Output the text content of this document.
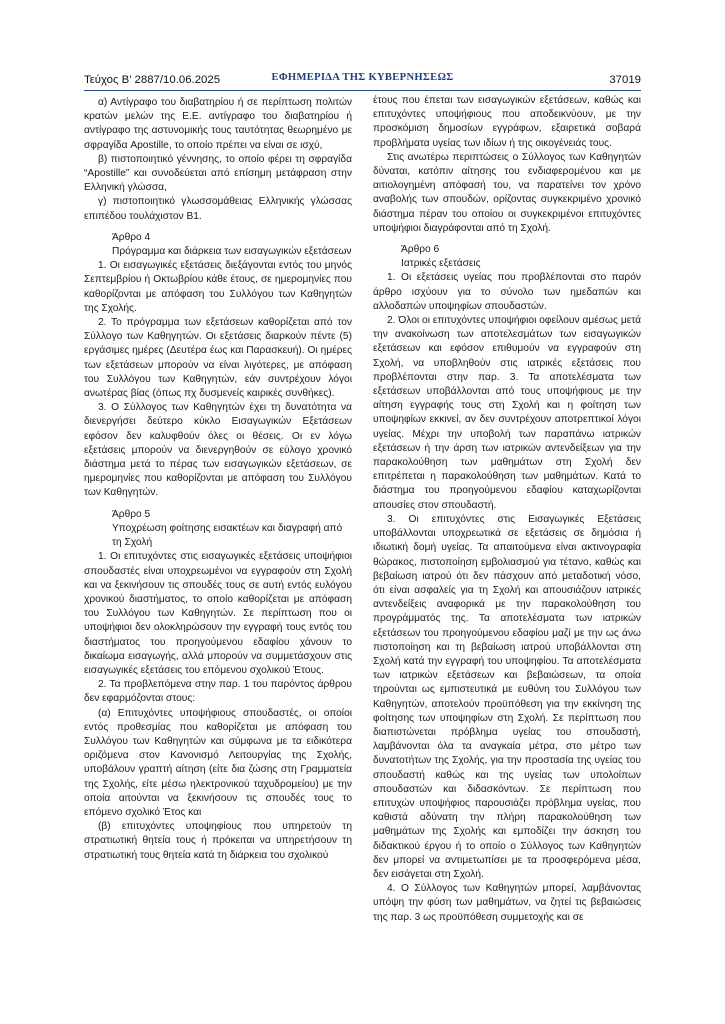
Τεύχος Β’ 2887/10.06.2025	ΕΦΗΜΕΡΙΔΑ ΤΗΣ ΚΥΒΕΡΝΗΣΕΩΣ	37019

α) Αντίγραφο του διαβατηρίου ή σε περίπτωση πολιτών κρατών μελών της Ε.Ε. αντίγραφο του διαβατηρίου ή αντίγραφο της αστυνομικής τους ταυτότητας θεωρημένο με σφραγίδα Apostille, το οποίο πρέπει να είναι σε ισχύ,

β) πιστοποιητικό γέννησης, το οποίο φέρει τη σφραγίδα “Apostille” και συνοδεύεται από επίσημη μετάφραση στην Ελληνική γλώσσα,

γ) πιστοποιητικό γλωσσομάθειας Ελληνικής γλώσσας επιπέδου τουλάχιστον Β1.

Άρθρο 4
Πρόγραμμα και διάρκεια των εισαγωγικών εξετάσεων

1. Οι εισαγωγικές εξετάσεις διεξάγονται εντός του μηνός Σεπτεμβρίου ή Οκτωβρίου κάθε έτους, σε ημερομηνίες που καθορίζονται με απόφαση του Συλλόγου των Καθηγητών της Σχολής.

2. Το πρόγραμμα των εξετάσεων καθορίζεται από τον Σύλλογο των Καθηγητών. Οι εξετάσεις διαρκούν πέντε (5) εργάσιμες ημέρες (Δευτέρα έως και Παρασκευή). Οι ημέρες των εξετάσεων μπορούν να είναι λιγότερες, με απόφαση του Συλλόγου των Καθηγητών, εάν συντρέχουν λόγοι ανωτέρας βίας (όπως πχ δυσμενείς καιρικές συνθήκες).

3. Ο Σύλλογος των Καθηγητών έχει τη δυνατότητα να διενεργήσει δεύτερο κύκλο Εισαγωγικών Εξετάσεων εφόσον δεν καλυφθούν όλες οι θέσεις. Οι εν λόγω εξετάσεις μπορούν να διενεργηθούν σε εύλογο χρονικό διάστημα μετά το πέρας των εισαγωγικών εξετάσεων, σε ημερομηνίες που καθορίζονται με απόφαση του Συλλόγου των Καθηγητών.

Άρθρο 5
Υποχρέωση φοίτησης εισακτέων και διαγραφή από τη Σχολή

1. Οι επιτυχόντες στις εισαγωγικές εξετάσεις υποψήφιοι σπουδαστές είναι υποχρεωμένοι να εγγραφούν στη Σχολή και να ξεκινήσουν τις σπουδές τους σε αυτή εντός ευλόγου χρονικού διαστήματος, το οποίο καθορίζεται με απόφαση του Συλλόγου των Καθηγητών. Σε περίπτωση που οι υποψήφιοι δεν ολοκληρώσουν την εγγραφή τους εντός του διαστήματος του προηγούμενου εδαφίου χάνουν το δικαίωμα εισαγωγής, αλλά μπορούν να συμμετάσχουν στις εισαγωγικές εξετάσεις του επόμενου σχολικού Έτους.

2. Τα προβλεπόμενα στην παρ. 1 του παρόντος άρθρου δεν εφαρμόζονται στους:

(α) Επιτυχόντες υποψήφιους σπουδαστές, οι οποίοι εντός προθεσμίας που καθορίζεται με απόφαση του Συλλόγου των Καθηγητών και σύμφωνα με τα ειδικότερα οριζόμενα στον Κανονισμό Λειτουργίας της Σχολής, υποβάλουν γραπτή αίτηση (είτε δια ζώσης στη Γραμματεία της Σχολής, είτε μέσω ηλεκτρονικού ταχυδρομείου) με την οποία αιτούνται να ξεκινήσουν τις σπουδές τους το επόμενο σχολικό Έτος και

(β) επιτυχόντες υποψηφίους που υπηρετούν τη στρατιωτική θητεία τους ή πρόκειται να υπηρετήσουν τη στρατιωτική τους θητεία κατά τη διάρκεια του σχολικού

έτους που έπεται των εισαγωγικών εξετάσεων, καθώς και επιτυχόντες υποψήφιους που αποδεικνύουν, με την προσκόμιση δημοσίων εγγράφων, εξαιρετικά σοβαρά προβλήματα υγείας των ιδίων ή της οικογένειάς τους.

Στις ανωτέρω περιπτώσεις ο Σύλλογος των Καθηγητών δύναται, κατόπιν αίτησης του ενδιαφερομένου και με αιτιολογημένη απόφασή του, να παρατείνει τον χρόνο αναβολής των σπουδών, ορίζοντας συγκεκριμένο χρονικό διάστημα πέραν του οποίου οι συγκεκριμένοι επιτυχόντες υποψήφιοι διαγράφονται από τη Σχολή.

Άρθρο 6
Ιατρικές εξετάσεις

1. Οι εξετάσεις υγείας που προβλέπονται στο παρόν άρθρο ισχύουν για το σύνολο των ημεδαπών και αλλοδαπών υποψηφίων σπουδαστών.

2. Όλοι οι επιτυχόντες υποψήφιοι οφείλουν αμέσως μετά την ανακοίνωση των αποτελεσμάτων των εισαγωγικών εξετάσεων και εφόσον επιθυμούν να εγγραφούν στη Σχολή, να υποβληθούν στις ιατρικές εξετάσεις που προβλέπονται στην παρ. 3. Τα αποτελέσματα των εξετάσεων υποβάλλονται από τους υποψήφιους με την αίτηση εγγραφής τους στη Σχολή και η φοίτηση των υποψηφίων εκκινεί, αν δεν συντρέχουν αποτρεπτικοί λόγοι υγείας. Μέχρι την υποβολή των παραπάνω ιατρικών εξετάσεων ή την άρση των ιατρικών αντενδείξεων για την παρακολούθηση των μαθημάτων στη Σχολή δεν επιτρέπεται η παρακολούθηση των μαθημάτων. Κατά το διάστημα του προηγούμενου εδαφίου καταχωρίζονται απουσίες στον σπουδαστή.

3. Οι επιτυχόντες στις Εισαγωγικές Εξετάσεις υποβάλλονται υποχρεωτικά σε εξετάσεις σε δημόσια ή ιδιωτική δομή υγείας. Τα απαιτούμενα είναι ακτινογραφία θώρακος, πιστοποίηση εμβολιασμού για τέτανο, καθώς και βεβαίωση ιατρού ότι δεν πάσχουν από μεταδοτική νόσο, ότι είναι ασφαλείς για τη Σχολή και απουσιάζουν ιατρικές αντενδείξεις αναφορικά με την παρακολούθηση του προγράμματός της. Τα αποτελέσματα των ιατρικών εξετάσεων του προηγούμενου εδαφίου μαζί με την ως άνω πιστοποίηση και τη βεβαίωση ιατρού υποβάλλονται στη Σχολή κατά την εγγραφή του υποψηφίου. Τα αποτελέσματα των ιατρικών εξετάσεων και βεβαιώσεων, τα οποία τηρούνται ως εμπιστευτικά με ευθύνη του Συλλόγου των Καθηγητών, αποτελούν προϋπόθεση για την εκκίνηση της φοίτησης των υποψηφίων στη Σχολή. Σε περίπτωση που διαπιστώνεται πρόβλημα υγείας του σπουδαστή, λαμβάνονται όλα τα αναγκαία μέτρα, στο μέτρο των δυνατοτήτων της Σχολής, για την προστασία της υγείας του σπουδαστή καθώς και της υγείας των υπολοίπων σπουδαστών και διδασκόντων. Σε περίπτωση που επιτυχών υποψήφιος παρουσιάζει πρόβλημα υγείας, που καθιστά αδύνατη την πλήρη παρακολούθηση των μαθημάτων της Σχολής και εμποδίζει την άσκηση του διδακτικού έργου ή το οποίο ο Σύλλογος των Καθηγητών δεν μπορεί να αντιμετωπίσει με τα προσφερόμενα μέσα, δεν εισάγεται στη Σχολή.

4. Ο Σύλλογος των Καθηγητών μπορεί, λαμβάνοντας υπόψη την φύση των μαθημάτων, να ζητεί τις βεβαιώσεις της παρ. 3 ως προϋπόθεση συμμετοχής και σε
